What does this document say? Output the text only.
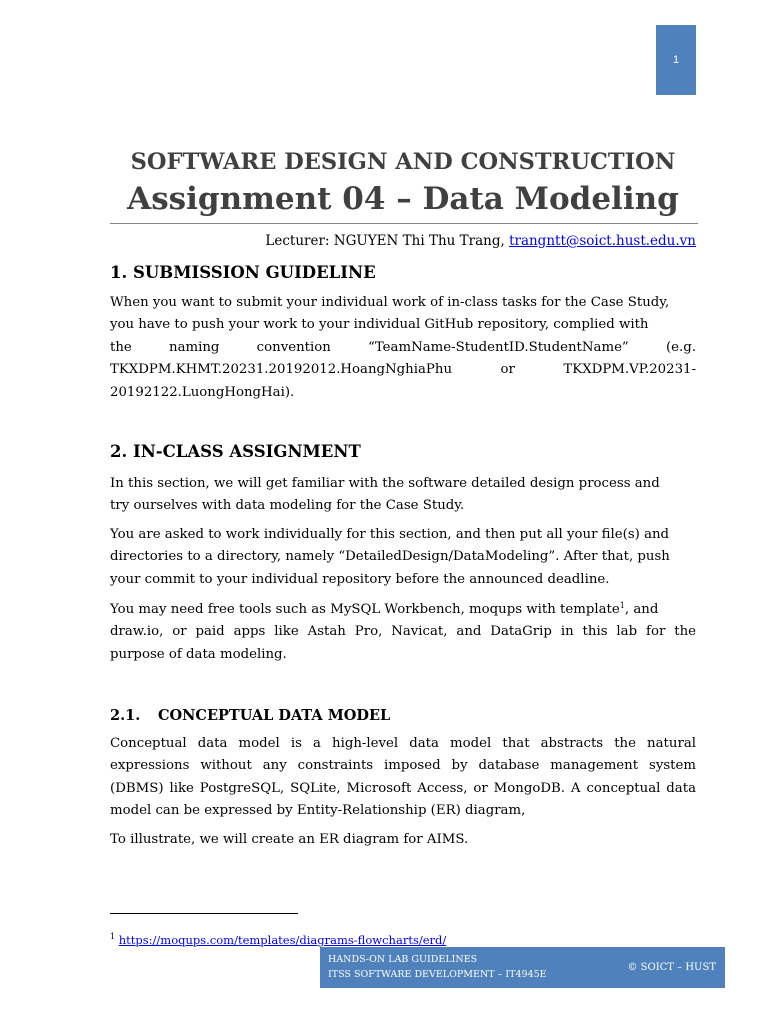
1
SOFTWARE DESIGN AND CONSTRUCTION
Assignment 04 – Data Modeling
Lecturer: NGUYEN Thi Thu Trang, trangntt@soict.hust.edu.vn
1. SUBMISSION GUIDELINE
When you want to submit your individual work of in-class tasks for the Case Study,
you have to push your work to your individual GitHub repository, complied with
the naming convention “TeamName-StudentID.StudentName” (e.g.
TKXDPM.KHMT.20231.20192012.HoangNghiaPhu or TKXDPM.VP.20231-
20192122.LuongHongHai).
2. IN-CLASS ASSIGNMENT
In this section, we will get familiar with the software detailed design process and
try ourselves with data modeling for the Case Study.
You are asked to work individually for this section, and then put all your file(s) and
directories to a directory, namely “DetailedDesign/DataModeling”. After that, push
your commit to your individual repository before the announced deadline.
You may need free tools such as MySQL Workbench, moqups with template$^1$, and
draw.io, or paid apps like Astah Pro, Navicat, and DataGrip in this lab for the
purpose of data modeling.
2.1. CONCEPTUAL DATA MODEL
Conceptual data model is a high-level data model that abstracts the natural
expressions without any constraints imposed by database management system
(DBMS) like PostgreSQL, SQLite, Microsoft Access, or MongoDB. A conceptual data
model can be expressed by Entity-Relationship (ER) diagram,
To illustrate, we will create an ER diagram for AIMS.
$^1$ https://moqups.com/templates/diagrams-flowcharts/erd/
HANDS-ON LAB GUIDELINES
ITSS SOFTWARE DEVELOPMENT – IT4945E
© SOICT – HUST
